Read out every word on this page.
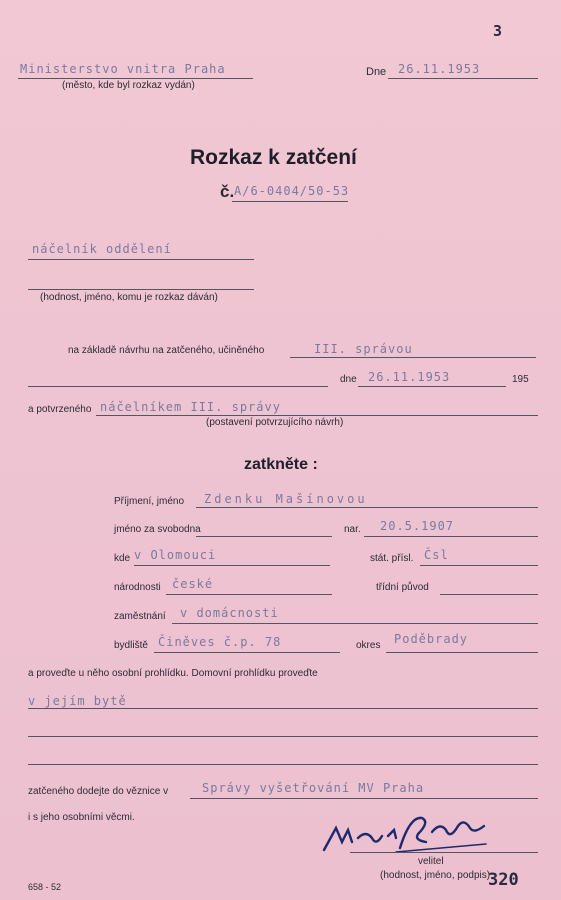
3
Ministerstvo vnitra Praha
(město, kde byl rozkaz vydán)
Dne 26.11.1953
Rozkaz k zatčení
č. A/6-0404/50-53
náčelník oddělení
(hodnost, jméno, komu je rozkaz dáván)
na základě návrhu na zatčeného, učiněného	III. správou
dne 26.11.1953	195
a potvrzeného náčelníkem III. správy
(postavení potvrzujícího návrh)
zatkněte :
Příjmení, jméno Zdenku Mašínovou
jméno za svobodna	nar. 20.5.1907
kde v Olomouci	stát. přísl. Čsl
národnosti české	třídní původ
zaměstnání v domácnosti
bydliště Činěves č.p. 78	okres Poděbrady
a proveďte u něho osobní prohlídku. Domovní prohlídku proveďte
v jejím bytě
zatčeného dodejte do věznice v	Správy vyšetřování MV Praha
i s jeho osobními věcmi.
velitel
(hodnost, jméno, podpis)
320
658 - 52
